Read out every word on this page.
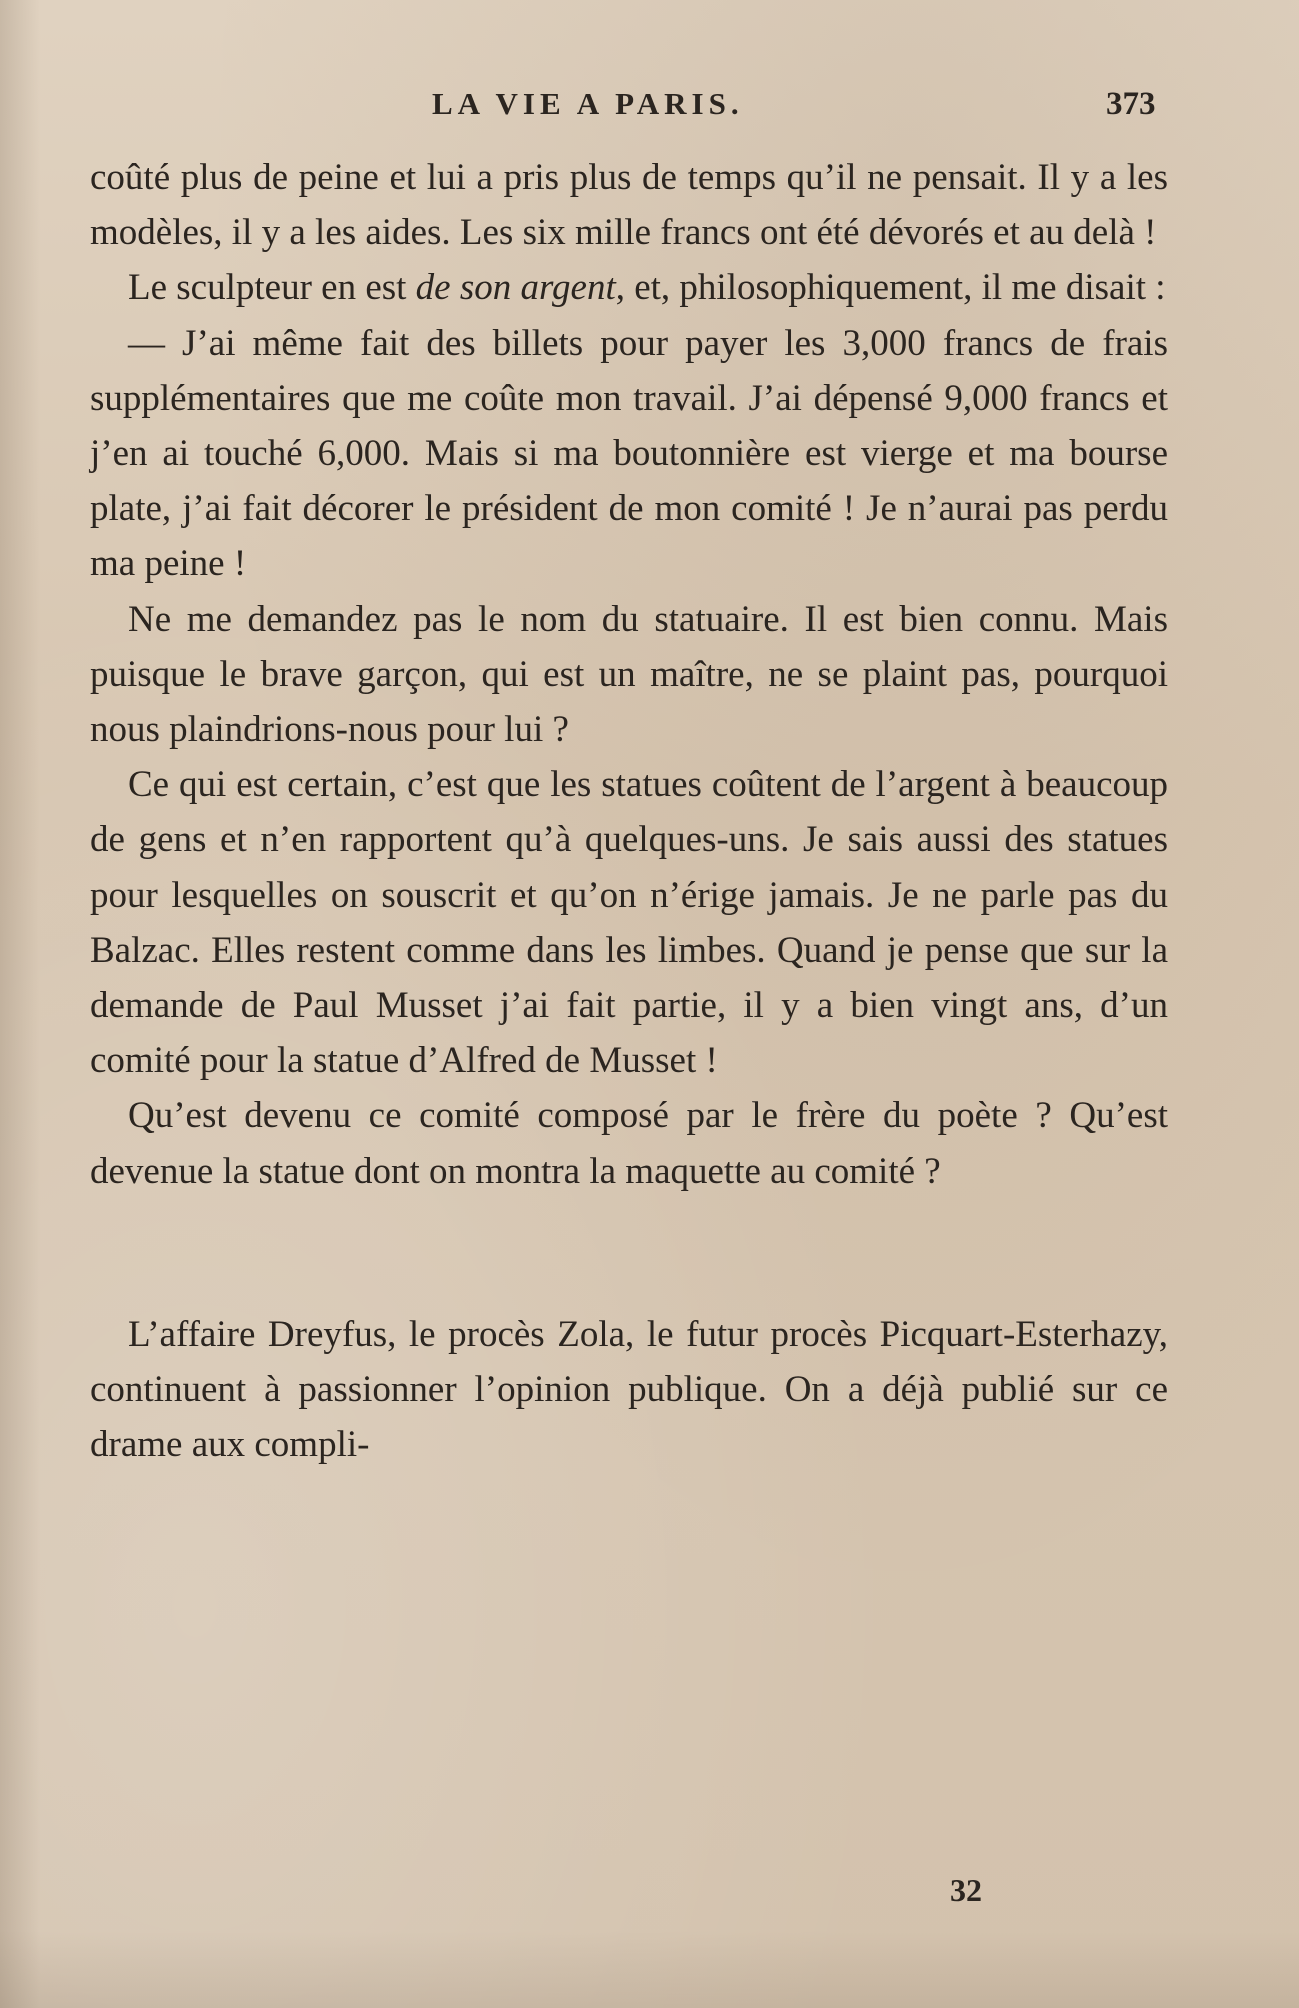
LA VIE A PARIS.	373

coûté plus de peine et lui a pris plus de temps qu’il ne pensait. Il y a les modèles, il y a les aides. Les six mille francs ont été dévorés et au delà !

Le sculpteur en est de son argent, et, philosophiquement, il me disait :

— J’ai même fait des billets pour payer les 3,000 francs de frais supplémentaires que me coûte mon travail. J’ai dépensé 9,000 francs et j’en ai touché 6,000. Mais si ma boutonnière est vierge et ma bourse plate, j’ai fait décorer le président de mon comité ! Je n’aurai pas perdu ma peine !

Ne me demandez pas le nom du statuaire. Il est bien connu. Mais puisque le brave garçon, qui est un maître, ne se plaint pas, pourquoi nous plaindrions-nous pour lui ?

Ce qui est certain, c’est que les statues coûtent de l’argent à beaucoup de gens et n’en rapportent qu’à quelques-uns. Je sais aussi des statues pour lesquelles on souscrit et qu’on n’érige jamais. Je ne parle pas du Balzac. Elles restent comme dans les limbes. Quand je pense que sur la demande de Paul Musset j’ai fait partie, il y a bien vingt ans, d’un comité pour la statue d’Alfred de Musset !

Qu’est devenu ce comité composé par le frère du poète ? Qu’est devenue la statue dont on montra la maquette au comité ?

L’affaire Dreyfus, le procès Zola, le futur procès Picquart-Esterhazy, continuent à passionner l’opinion publique. On a déjà publié sur ce drame aux compli-

32
